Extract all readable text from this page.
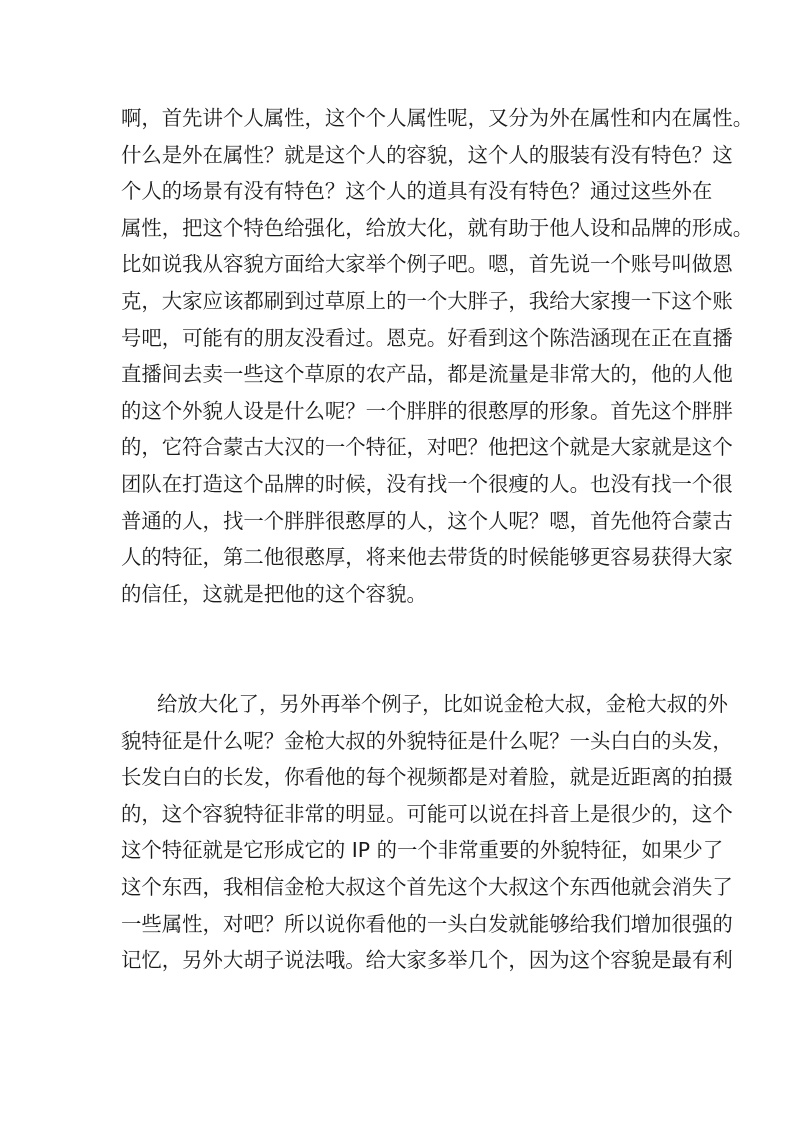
啊，首先讲个人属性，这个个人属性呢，又分为外在属性和内在属性。
什么是外在属性？就是这个人的容貌，这个人的服装有没有特色？这
个人的场景有没有特色？这个人的道具有没有特色？通过这些外在
属性，把这个特色给强化，给放大化，就有助于他人设和品牌的形成。
比如说我从容貌方面给大家举个例子吧。嗯，首先说一个账号叫做恩
克，大家应该都刷到过草原上的一个大胖子，我给大家搜一下这个账
号吧，可能有的朋友没看过。恩克。好看到这个陈浩涵现在正在直播
直播间去卖一些这个草原的农产品，都是流量是非常大的，他的人他
的这个外貌人设是什么呢？一个胖胖的很憨厚的形象。首先这个胖胖
的，它符合蒙古大汉的一个特征，对吧？他把这个就是大家就是这个
团队在打造这个品牌的时候，没有找一个很瘦的人。也没有找一个很
普通的人，找一个胖胖很憨厚的人，这个人呢？嗯，首先他符合蒙古
人的特征，第二他很憨厚，将来他去带货的时候能够更容易获得大家
的信任，这就是把他的这个容貌。
给放大化了，另外再举个例子，比如说金枪大叔，金枪大叔的外
貌特征是什么呢？金枪大叔的外貌特征是什么呢？一头白白的头发，
长发白白的长发，你看他的每个视频都是对着脸，就是近距离的拍摄
的，这个容貌特征非常的明显。可能可以说在抖音上是很少的，这个
这个特征就是它形成它的 IP 的一个非常重要的外貌特征，如果少了
这个东西，我相信金枪大叔这个首先这个大叔这个东西他就会消失了
一些属性，对吧？所以说你看他的一头白发就能够给我们增加很强的
记忆，另外大胡子说法哦。给大家多举几个，因为这个容貌是最有利
